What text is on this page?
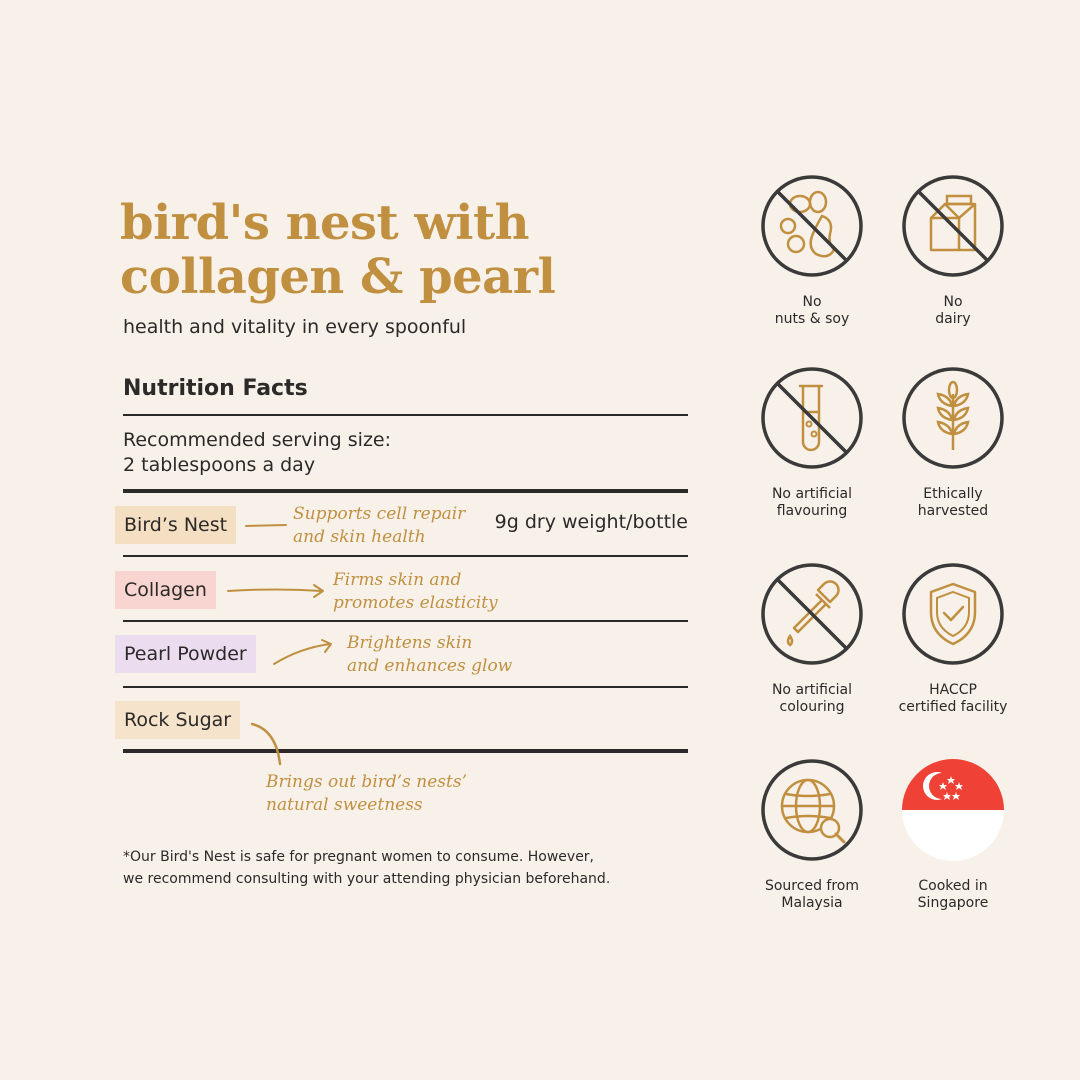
bird's nest with
collagen & pearl
health and vitality in every spoonful
Nutrition Facts
Recommended serving size:
2 tablespoons a day
Bird’s Nest	Supports cell repair
and skin health
9g dry weight/bottle
Collagen	Firms skin and
promotes elasticity
Pearl Powder	Brightens skin
and enhances glow
Rock Sugar
Brings out bird’s nests’
natural sweetness
*Our Bird's Nest is safe for pregnant women to consume. However,
we recommend consulting with your attending physician beforehand.
No
nuts & soy
No
dairy
No artificial
flavouring
Ethically
harvested
No artificial
colouring
HACCP
certified facility
Sourced from
Malaysia
Cooked in
Singapore
